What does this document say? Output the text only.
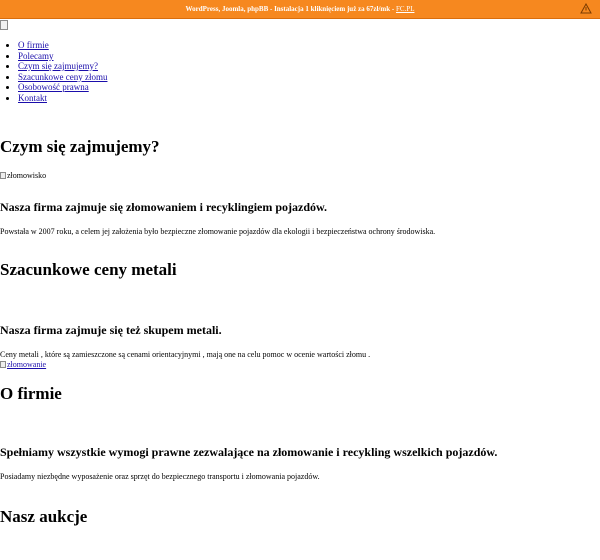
WordPress, Joomla, phpBB - Instalacja 1 kliknięciem już za 67zł/mk - FC.PL
• O firmie
• Polecamy
• Czym się zajmujemy?
• Szacunkowe ceny złomu
• Osobowość prawna
• Kontakt
Czym się zajmujemy?
złomowisko
Nasza firma zajmuje się złomowaniem i recyklingiem pojazdów.

Powstała w 2007 roku, a celem jej założenia było bezpieczne złomowanie pojazdów dla ekologii i bezpieczeństwa ochrony środowiska.

Szacunkowe ceny metali
Nasza firma zajmuje się też skupem metali.

Ceny metali , które są zamieszczone są cenami orientacyjnymi , mają one na celu pomoc w ocenie wartości złomu .

złomowanie
O firmie
Spełniamy wszystkie wymogi prawne zezwalające na złomowanie i recykling wszelkich pojazdów.

Posiadamy niezbędne wyposażenie oraz sprzęt do bezpiecznego transportu i złomowania pojazdów.

Nasz aukcje
